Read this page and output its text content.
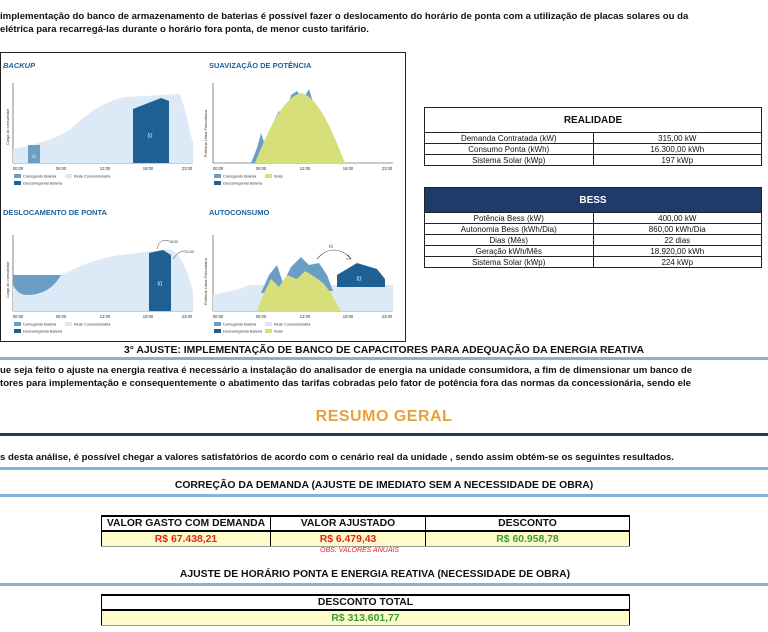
implementação do banco de armazenamento de baterias é possível fazer o deslocamento do horário de ponta com a utilização de placas solares ou da
elétrica para recarregá-las durante o horário fora ponta, de menor custo tarifário.
BACKUP
Carga do consumidor
(((
(((
00:00	06:00	12:00	18:00	23:00
Carregando Bateria
Descarregando Bateria
Rede Concessionária
SUAVIZAÇÃO DE POTÊNCIA
Potência Usina Fotovoltaica
00:00	06:00	12:00	18:00	23:00
Carregando Bateria
Descarregando Bateria
Solar
DESLOCAMENTO DE PONTA
Carga do consumidor	(((
18:00
21:00
00:00	06:00	12:00	18:00	23:00
Carregando Bateria
Descarregando Bateria
Rede Concessionária
AUTOCONSUMO
Potência Usina Fotovoltaica	(((
(((
00:00	06:00	12:00	18:00	23:00
Carregando Bateria
Descarregando Bateria
Rede Concessionária
Solar
REALIDADE	
Demanda Contratada (kW)	315,00 kW
Consumo Ponta (kWh)	16.300,00 kWh
Sistema Solar (kWp)	197 kWp
BESS	
Potência Bess (kW)	400,00 kW
Autonomia Bess (kWh/Dia)	860,00 kWh/Dia
Dias (Mês)	22 dias
Geração kWh/Mês	18.920,00 kWh
Sistema Solar (kWp)	224 kWp
3° AJUSTE: IMPLEMENTAÇÃO DE BANCO DE CAPACITORES PARA ADEQUAÇÃO DA ENERGIA REATIVA
ue seja feito o ajuste na energia reativa é necessário a instalação do analisador de energia na unidade consumidora, a fim de dimensionar um banco de
tores para implementação e consequentemente o abatimento das tarifas cobradas pelo fator de potência fora das normas da concessionária, sendo ele
RESUMO GERAL
s desta análise, é possível chegar a valores satisfatórios de acordo com o cenário real da unidade , sendo assim obtém-se os seguintes resultados.
CORREÇÃO DA DEMANDA (AJUSTE DE IMEDIATO SEM A NECESSIDADE DE OBRA)
VALOR GASTO COM DEMANDA	VALOR AJUSTADO	DESCONTO
R$ 67.438,21	R$ 6.479,43	R$ 60.958,78
OBS: VALORES ANUAIS
AJUSTE DE HORÁRIO PONTA E ENERGIA REATIVA (NECESSIDADE DE OBRA)
DESCONTO TOTAL
R$ 313.601,77
